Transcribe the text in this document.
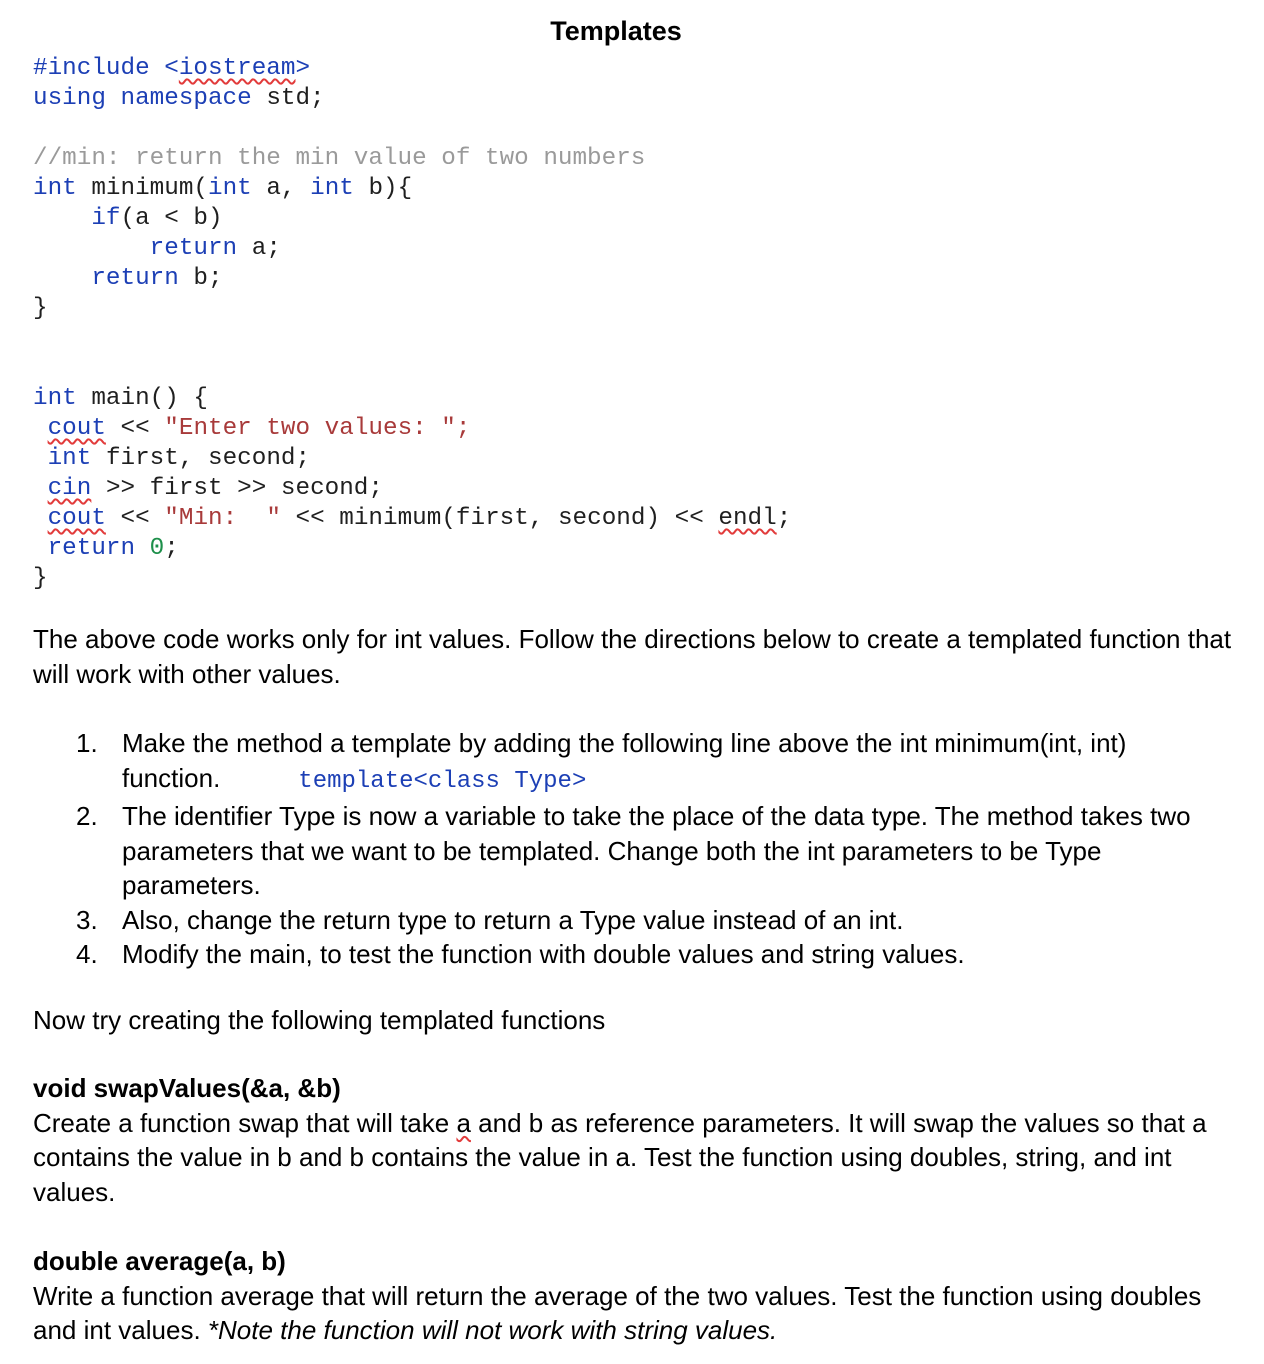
Templates
#include <iostream>
using namespace std;

//min: return the min value of two numbers
int minimum(int a, int b){
if(a < b)
return a;
return b;
}

int main() {
cout << "Enter two values: ";
int first, second;
cin >> first >> second;
cout << "Min:  " << minimum(first, second) << endl;
return 0;
}

The above code works only for int values. Follow the directions below to create a templated function that will work with other values.

1. Make the method a template by adding the following line above the int minimum(int, int) function.	template<class Type>
2. The identifier Type is now a variable to take the place of the data type. The method takes two parameters that we want to be templated. Change both the int parameters to be Type parameters.
3. Also, change the return type to return a Type value instead of an int.
4. Modify the main, to test the function with double values and string values.

Now try creating the following templated functions

void swapValues(&a, &b)

Create a function swap that will take a and b as reference parameters. It will swap the values so that a contains the value in b and b contains the value in a. Test the function using doubles, string, and int values.

double average(a, b)

Write a function average that will return the average of the two values. Test the function using doubles and int values. *Note the function will not work with string values.
